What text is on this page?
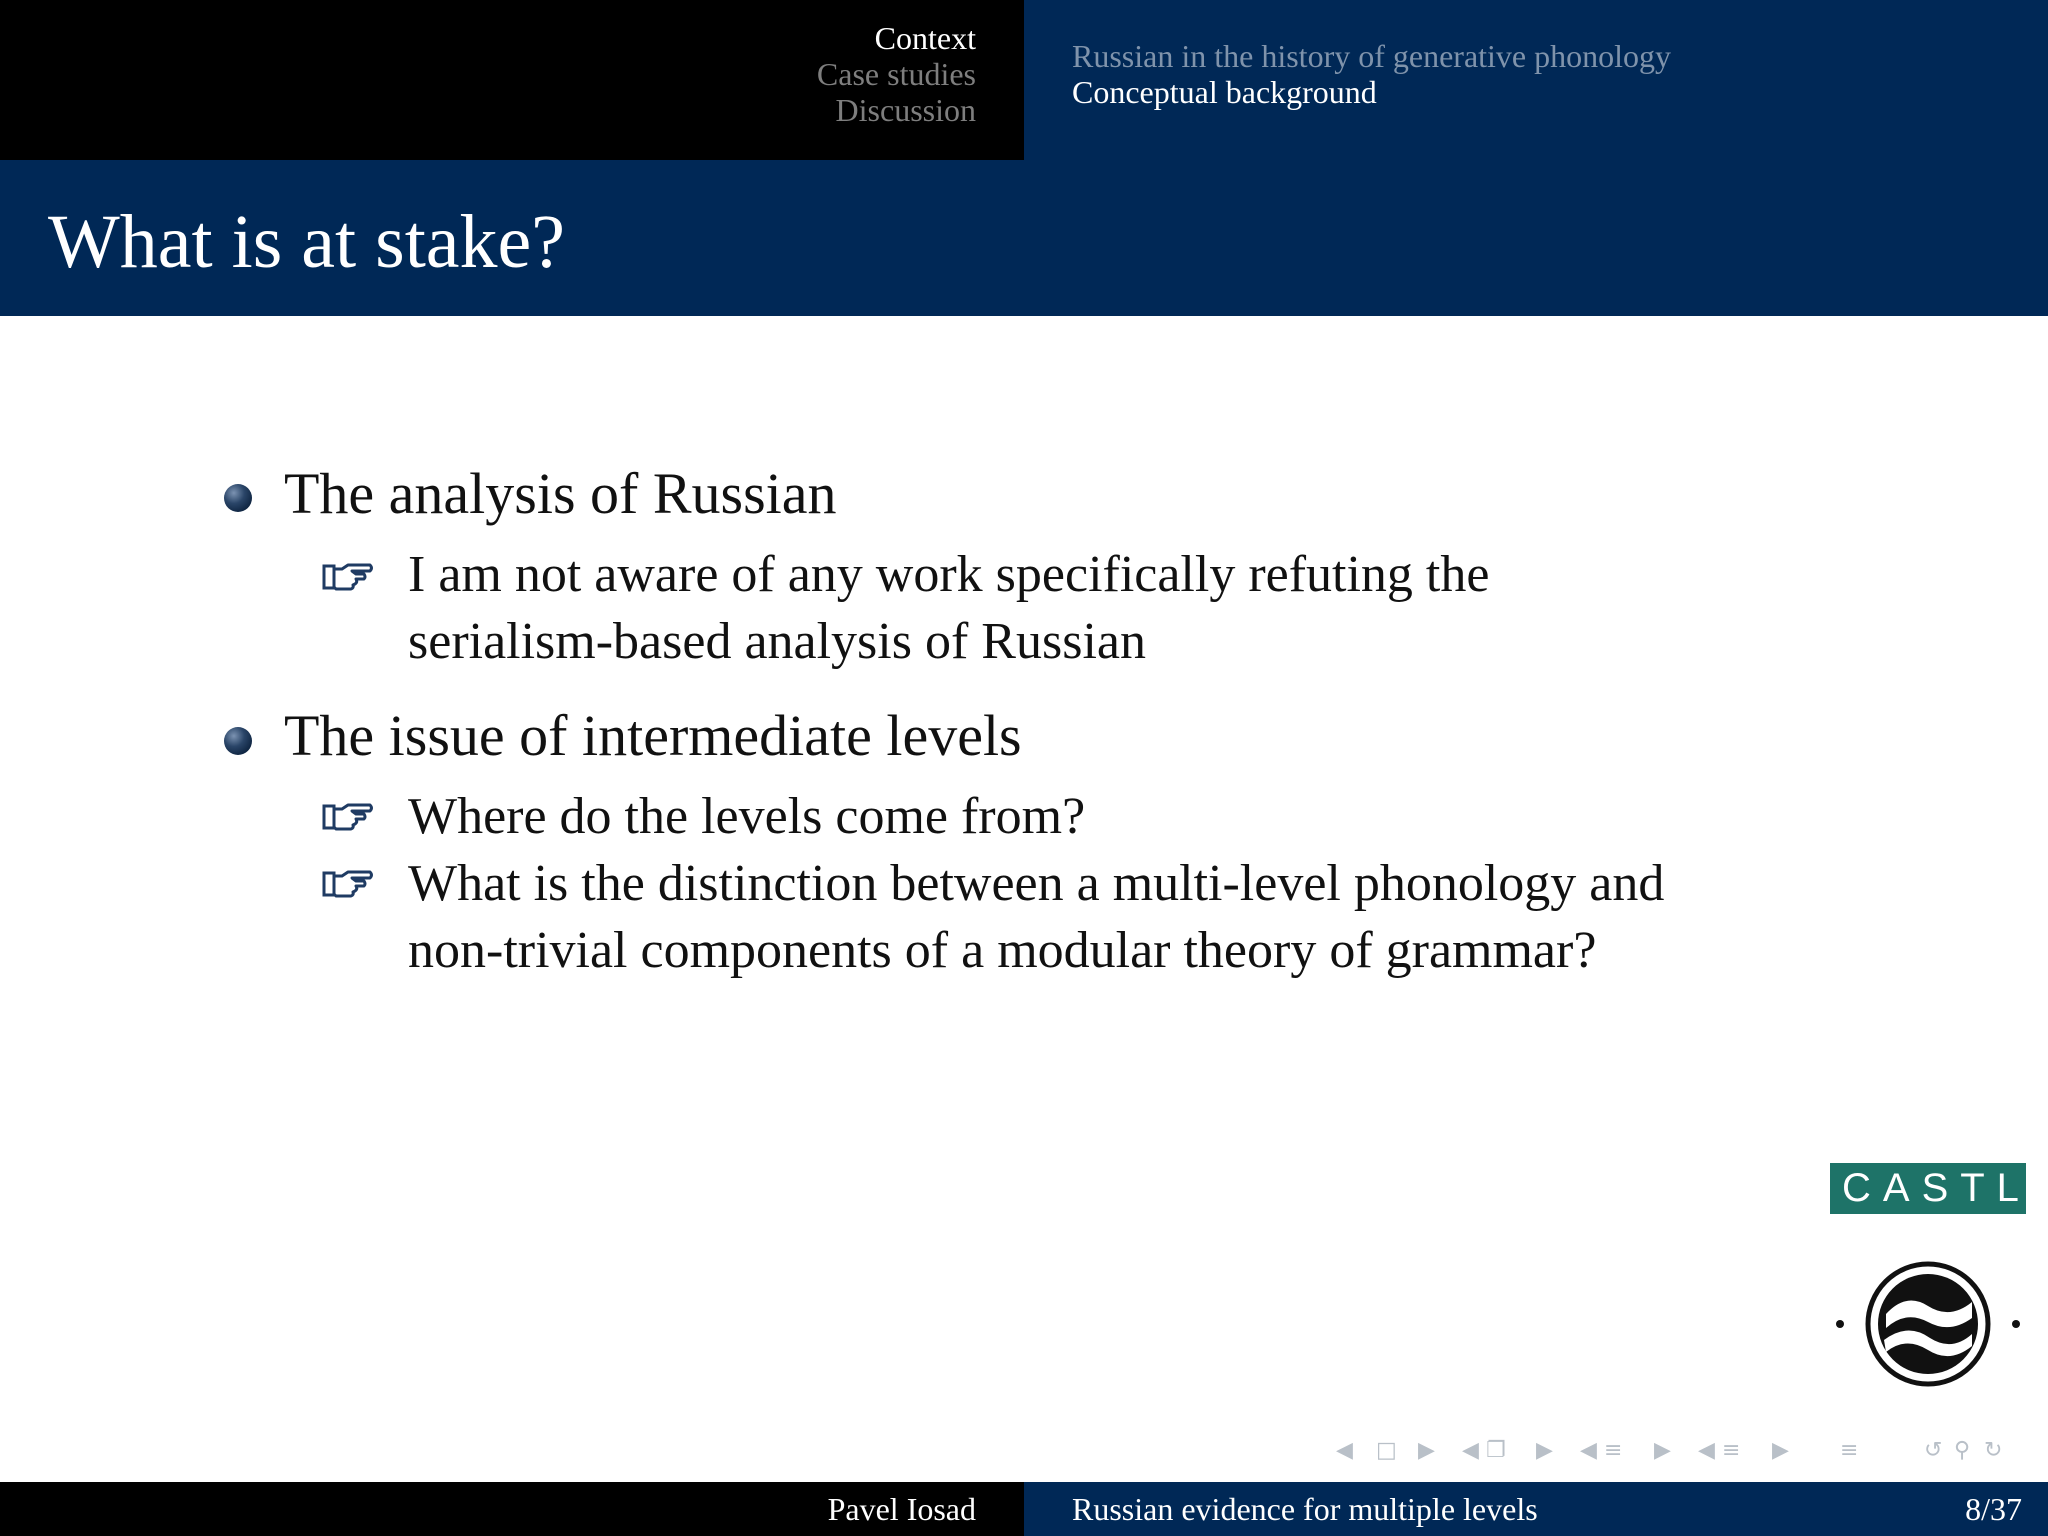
Context
Case studies
Discussion
Russian in the history of generative phonology
Conceptual background
What is at stake?
The analysis of Russian
I am not aware of any work specifically refuting the
serialism-based analysis of Russian
The issue of intermediate levels
Where do the levels come from?
What is the distinction between a multi-level phonology and
non-trivial components of a modular theory of grammar?
CASTL
◀ □ ▶ ◀ ❐ ▶ ◀ ≡ ▶ ◀ ≡ ▶ ≡	↺ ⚲ ↻
Pavel Iosad	Russian evidence for multiple levels	8/37
